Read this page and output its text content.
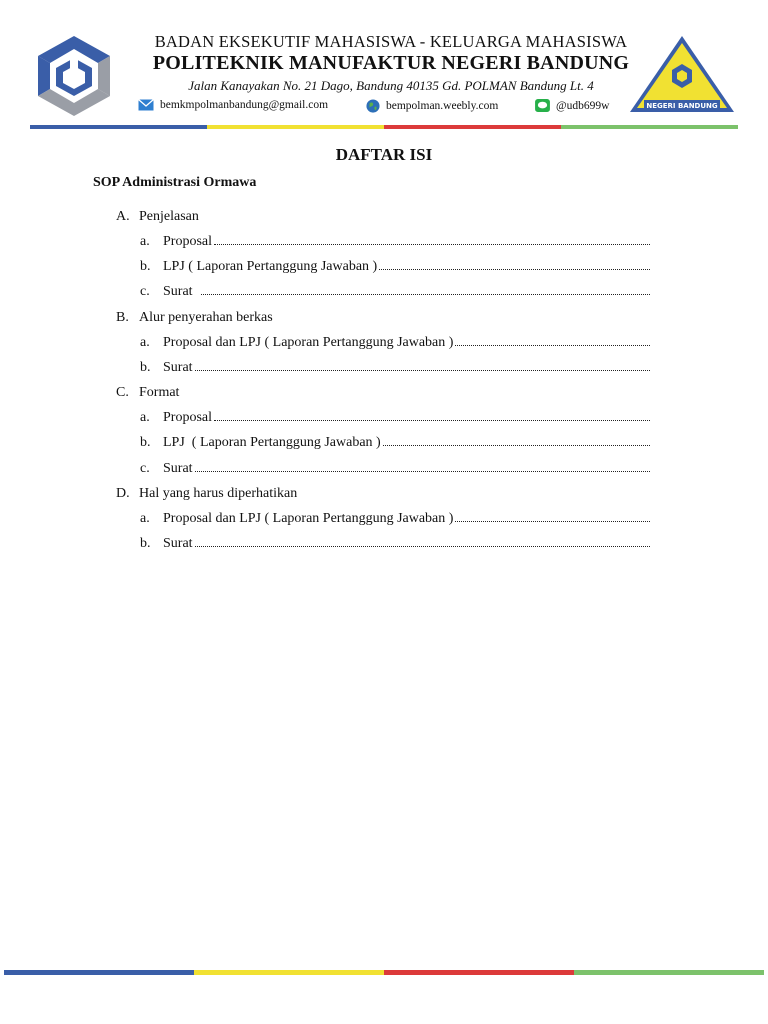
BADAN EKSEKUTIF MAHASISWA - KELUARGA MAHASISWA
POLITEKNIK MANUFAKTUR NEGERI BANDUNG
Jalan Kanayakan No. 21 Dago, Bandung 40135 Gd. POLMAN Bandung Lt. 4
bemkmpolmanbandung@gmail.com	bempolman.weebly.com	@udb699w	NEGERI BANDUNG
DAFTAR ISI
SOP Administrasi Ormawa
A. Penjelasan
a. Proposal
b. LPJ ( Laporan Pertanggung Jawaban )
c. Surat
B. Alur penyerahan berkas
a. Proposal dan LPJ ( Laporan Pertanggung Jawaban )
b. Surat
C. Format
a. Proposal
b. LPJ  ( Laporan Pertanggung Jawaban )
c. Surat
D. Hal yang harus diperhatikan
a. Proposal dan LPJ ( Laporan Pertanggung Jawaban )
b. Surat
